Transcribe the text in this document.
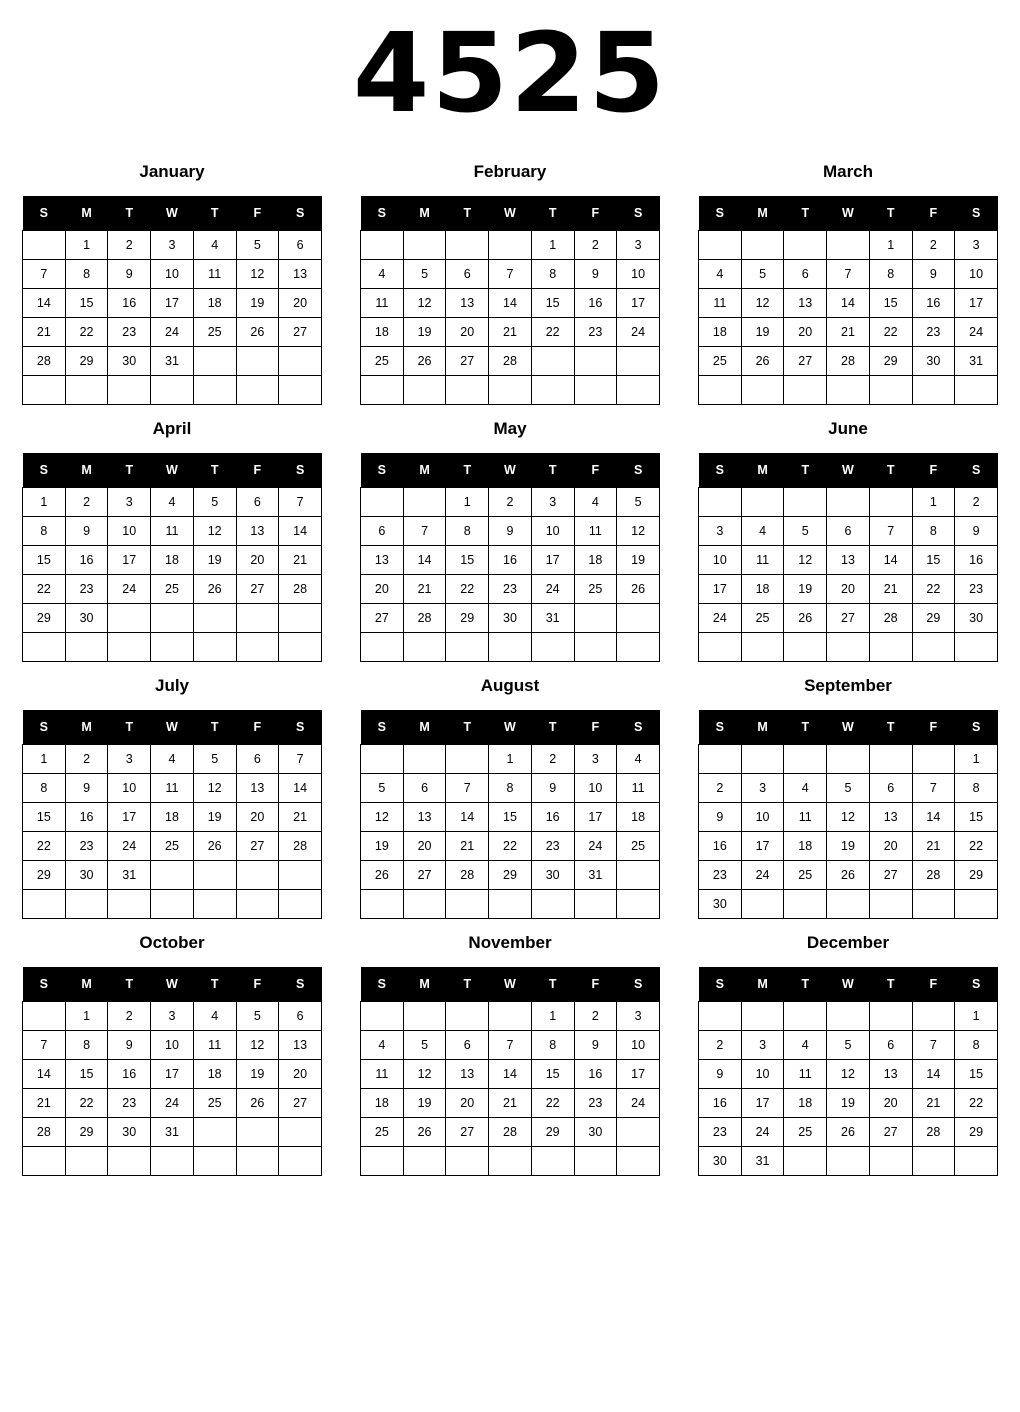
4525
January
S	M	T	W	T	F	S
	1	2	3	4	5	6
7	8	9	10	11	12	13
14	15	16	17	18	19	20
21	22	23	24	25	26	27
28	29	30	31			

February
S	M	T	W	T	F	S
				1	2	3
4	5	6	7	8	9	10
11	12	13	14	15	16	17
18	19	20	21	22	23	24
25	26	27	28			

March
S	M	T	W	T	F	S
				1	2	3
4	5	6	7	8	9	10
11	12	13	14	15	16	17
18	19	20	21	22	23	24
25	26	27	28	29	30	31

April
S	M	T	W	T	F	S
1	2	3	4	5	6	7
8	9	10	11	12	13	14
15	16	17	18	19	20	21
22	23	24	25	26	27	28
29	30					

May
S	M	T	W	T	F	S
		1	2	3	4	5
6	7	8	9	10	11	12
13	14	15	16	17	18	19
20	21	22	23	24	25	26
27	28	29	30	31		

June
S	M	T	W	T	F	S
					1	2
3	4	5	6	7	8	9
10	11	12	13	14	15	16
17	18	19	20	21	22	23
24	25	26	27	28	29	30

July
S	M	T	W	T	F	S
1	2	3	4	5	6	7
8	9	10	11	12	13	14
15	16	17	18	19	20	21
22	23	24	25	26	27	28
29	30	31				

August
S	M	T	W	T	F	S
			1	2	3	4
5	6	7	8	9	10	11
12	13	14	15	16	17	18
19	20	21	22	23	24	25
26	27	28	29	30	31	

September
S	M	T	W	T	F	S
						1
2	3	4	5	6	7	8
9	10	11	12	13	14	15
16	17	18	19	20	21	22
23	24	25	26	27	28	29
30						
October
S	M	T	W	T	F	S
	1	2	3	4	5	6
7	8	9	10	11	12	13
14	15	16	17	18	19	20
21	22	23	24	25	26	27
28	29	30	31			

November
S	M	T	W	T	F	S
				1	2	3
4	5	6	7	8	9	10
11	12	13	14	15	16	17
18	19	20	21	22	23	24
25	26	27	28	29	30	

December
S	M	T	W	T	F	S
						1
2	3	4	5	6	7	8
9	10	11	12	13	14	15
16	17	18	19	20	21	22
23	24	25	26	27	28	29
30	31					
